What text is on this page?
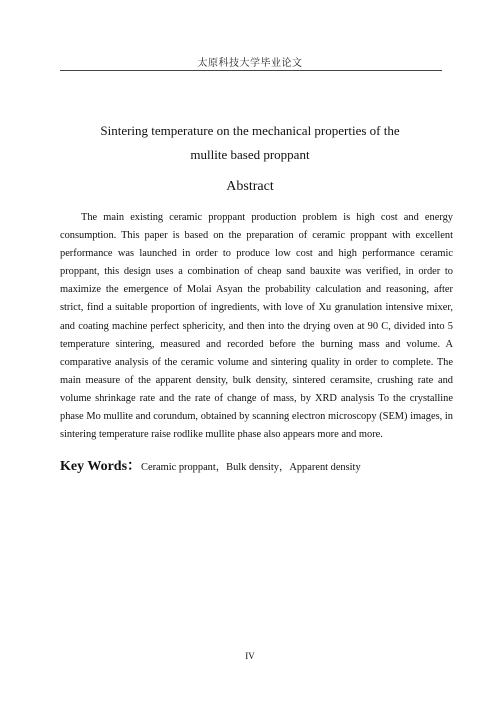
太原科技大学毕业论文
Sintering temperature on the mechanical properties of the
mullite based proppant
Abstract

The main existing ceramic proppant production problem is high cost and energy consumption. This paper is based on the preparation of ceramic proppant with excellent performance was launched in order to produce low cost and high performance ceramic proppant, this design uses a combination of cheap sand bauxite was verified, in order to maximize the emergence of Molai Asyan the probability calculation and reasoning, after strict, find a suitable proportion of ingredients, with love of Xu granulation intensive mixer, and coating machine perfect sphericity, and then into the drying oven at 90 C, divided into 5 temperature sintering, measured and recorded before the burning mass and volume. A comparative analysis of the ceramic volume and sintering quality in order to complete. The main measure of the apparent density, bulk density, sintered ceramsite, crushing rate and volume shrinkage rate and the rate of change of mass, by XRD analysis To the crystalline phase Mo mullite and corundum, obtained by scanning electron microscopy (SEM) images, in sintering temperature raise rodlike mullite phase also appears more and more.

Key Words：Ceramic proppant，Bulk density，Apparent density
IV
